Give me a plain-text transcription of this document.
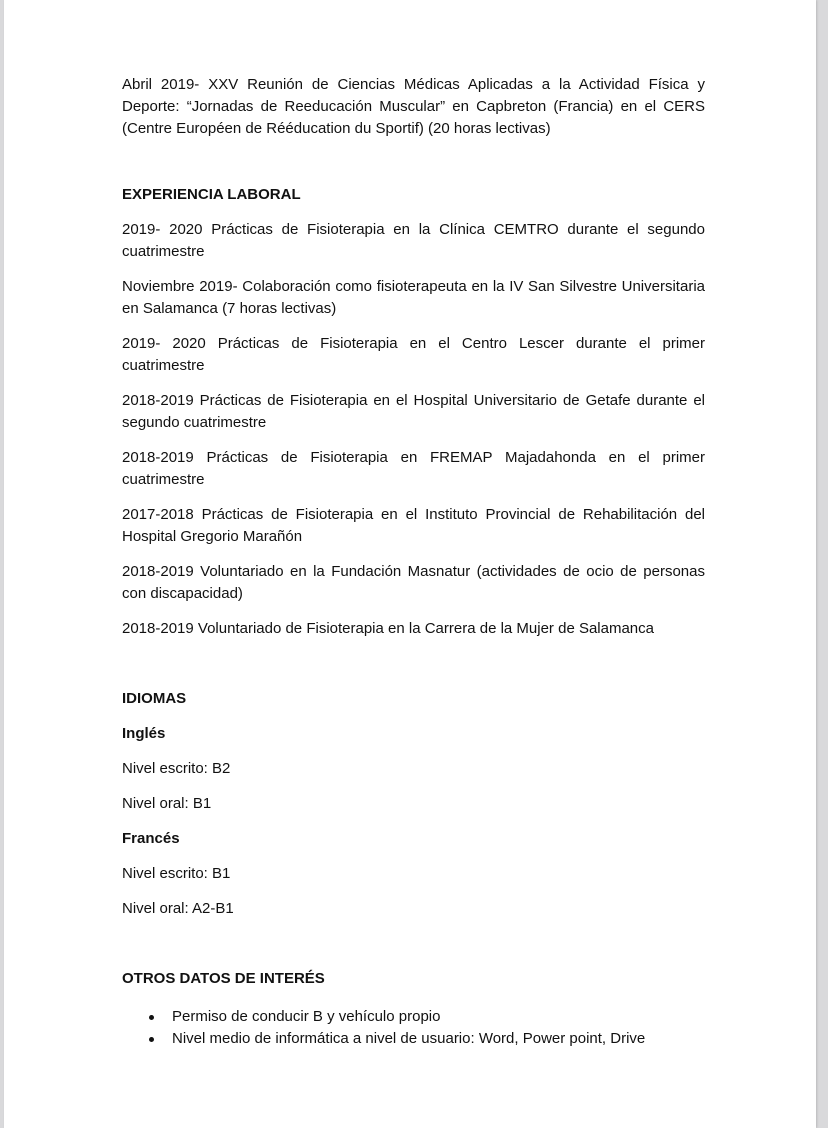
Abril 2019- XXV Reunión de Ciencias Médicas Aplicadas a la Actividad Física y Deporte: “Jornadas de Reeducación Muscular” en Capbreton (Francia) en el CERS (Centre Européen de Rééducation du Sportif) (20 horas lectivas)

EXPERIENCIA LABORAL

2019- 2020 Prácticas de Fisioterapia en la Clínica CEMTRO durante el segundo cuatrimestre

Noviembre 2019- Colaboración como fisioterapeuta en la IV San Silvestre Universitaria en Salamanca (7 horas lectivas)

2019- 2020 Prácticas de Fisioterapia en el Centro Lescer durante el primer cuatrimestre

2018-2019 Prácticas de Fisioterapia en el Hospital Universitario de Getafe durante el segundo cuatrimestre

2018-2019 Prácticas de Fisioterapia en FREMAP Majadahonda en el primer cuatrimestre

2017-2018 Prácticas de Fisioterapia en el Instituto Provincial de Rehabilitación del Hospital Gregorio Marañón

2018-2019 Voluntariado en la Fundación Masnatur (actividades de ocio de personas con discapacidad)

2018-2019 Voluntariado de Fisioterapia en la Carrera de la Mujer de Salamanca

IDIOMAS

Inglés

Nivel escrito: B2

Nivel oral: B1

Francés

Nivel escrito: B1

Nivel oral: A2-B1

OTROS DATOS DE INTERÉS

Permiso de conducir B y vehículo propio
Nivel medio de informática a nivel de usuario: Word, Power point, Drive
